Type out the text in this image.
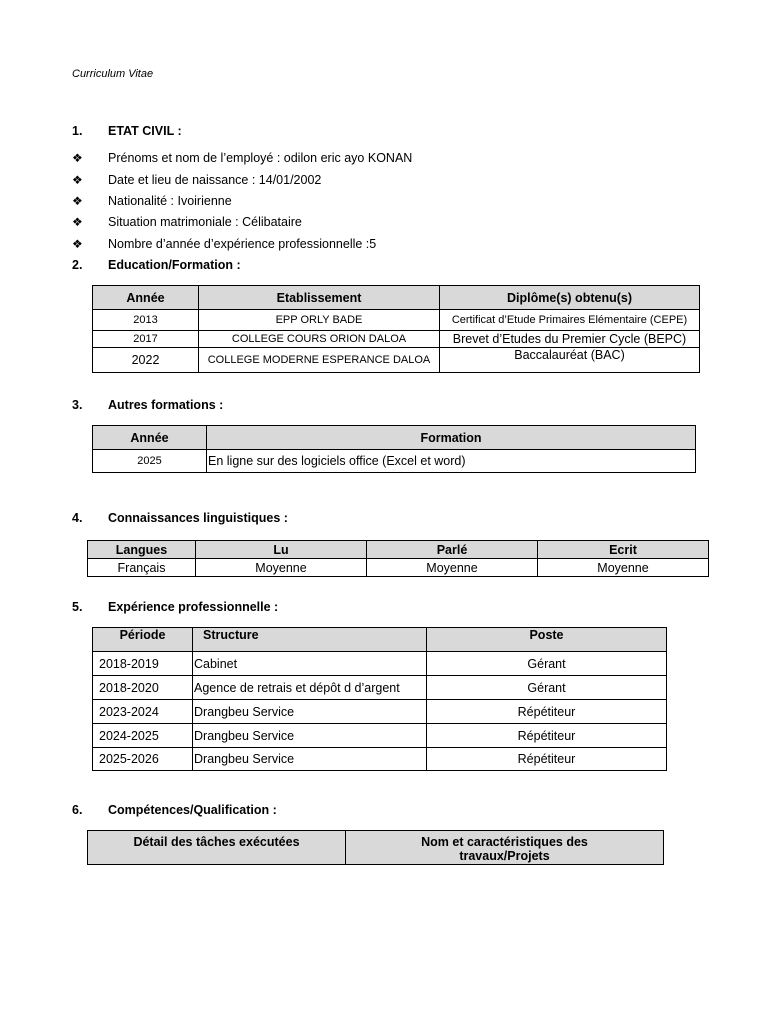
Curriculum Vitae
1. ETAT CIVIL :
❖	Prénoms et nom de l’employé : odilon eric ayo KONAN
❖	Date et lieu de naissance : 14/01/2002
❖	Nationalité : Ivoirienne
❖	Situation matrimoniale : Célibataire
❖	Nombre d’année d’expérience professionnelle :5
2. Education/Formation :
Année	Etablissement	Diplôme(s) obtenu(s)
2013	EPP ORLY BADE	Certificat d’Etude Primaires Elémentaire (CEPE)
2017	COLLEGE COURS ORION DALOA	Brevet d’Etudes du Premier Cycle (BEPC)
2022	COLLEGE MODERNE ESPERANCE DALOA	Baccalauréat (BAC)
3. Autres formations :
Année	Formation
2025	En ligne sur des logiciels office (Excel et word)
4. Connaissances linguistiques :
Langues	Lu	Parlé	Ecrit
Français	Moyenne	Moyenne	Moyenne
5. Expérience professionnelle :
Période	Structure	Poste
2018-2019	Cabinet	Gérant
2018-2020	Agence de retrais et dépôt d d’argent	Gérant
2023-2024	Drangbeu Service	Répétiteur
2024-2025	Drangbeu Service	Répétiteur
2025-2026	Drangbeu Service	Répétiteur
6. Compétences/Qualification :
Détail des tâches exécutées	Nom et caractéristiques des travaux/Projets
